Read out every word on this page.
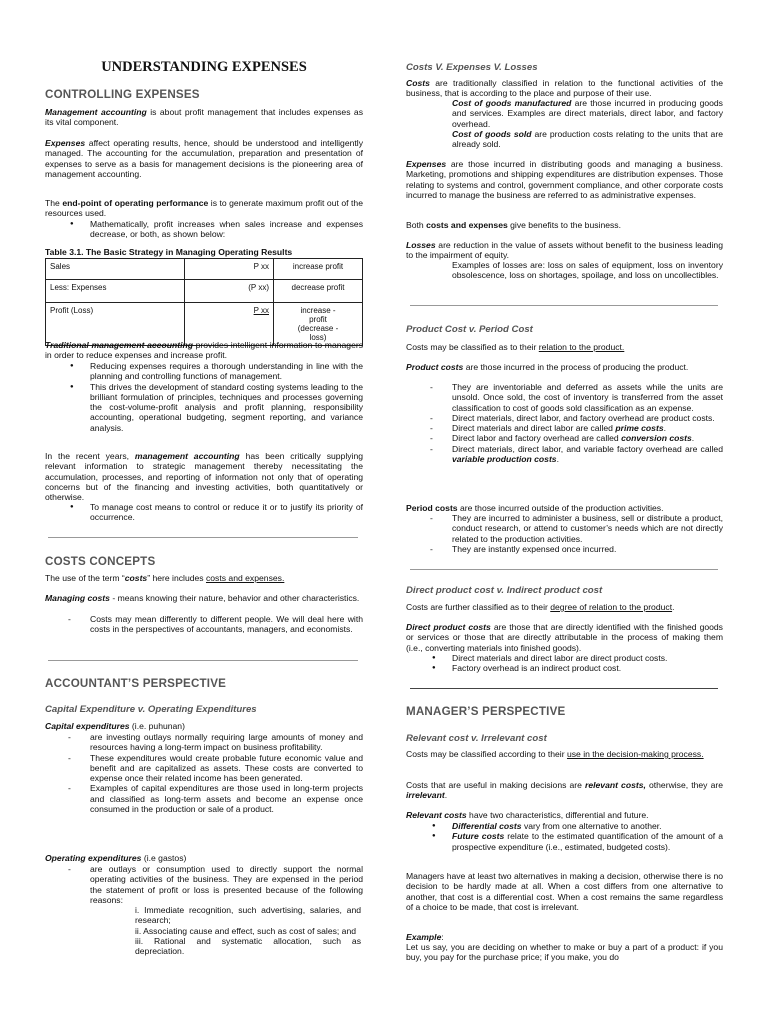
UNDERSTANDING EXPENSES
CONTROLLING EXPENSES

Management accounting is about profit management that includes expenses as its vital component.

Expenses affect operating results, hence, should be understood and intelligently managed. The accounting for the accumulation, preparation and presentation of expenses to serve as a basis for management decisions is the pioneering area of management accounting.

The end-point of operating performance is to generate maximum profit out of the resources used.

● Mathematically, profit increases when sales increase and expenses decrease, or both, as shown below:
Table 3.1. The Basic Strategy in Managing Operating Results
Sales	P xx	increase profit
Less: Expenses	(P xx)	decrease profit
Profit (Loss)	P xx	increase - profit (decrease - loss)

Traditional management accounting provides intelligent information to managers in order to reduce expenses and increase profit.

● Reducing expenses requires a thorough understanding in line with the planning and controlling functions of management.
● This drives the development of standard costing systems leading to the brilliant formulation of principles, techniques and processes governing the cost-volume-profit analysis and profit planning, responsibility accounting, operational budgeting, segment reporting, and variance analysis.

In the recent years, management accounting has been critically supplying relevant information to strategic management thereby necessitating the accumulation, processes, and reporting of information not only that of operating concerns but of the financing and investing activities, both quantitatively or otherwise.

● To manage cost means to control or reduce it or to justify its priority of occurrence.
COSTS CONCEPTS

The use of the term “costs” here includes costs and expenses.

Managing costs - means knowing their nature, behavior and other characteristics.

- Costs may mean differently to different people. We will deal here with costs in the perspectives of accountants, managers, and economists.
ACCOUNTANT’S PERSPECTIVE
Capital Expenditure v. Operating Expenditures

Capital expenditures (i.e. puhunan)

- are investing outlays normally requiring large amounts of money and resources having a long-term impact on business profitability.
- These expenditures would create probable future economic value and benefit and are capitalized as assets. These costs are converted to expense once their related income has been generated.
- Examples of capital expenditures are those used in long-term projects and classified as long-term assets and become an expense once consumed in the production or sale of a product.

Operating expenditures (i.e gastos)

- are outlays or consumption used to directly support the normal operating activities of the business. They are expensed in the period the statement of profit or loss is presented because of the following reasons:

i. Immediate recognition, such advertising, salaries, and research;

ii. Associating cause and effect, such as cost of sales; and

iii. Rational and systematic allocation, such as depreciation.

Costs V. Expenses V. Losses

Costs are traditionally classified in relation to the functional activities of the business, that is according to the place and purpose of their use.

Cost of goods manufactured are those incurred in producing goods and services. Examples are direct materials, direct labor, and factory overhead.

Cost of goods sold are production costs relating to the units that are already sold.

Expenses are those incurred in distributing goods and managing a business. Marketing, promotions and shipping expenditures are distribution expenses. Those relating to systems and control, government compliance, and other corporate costs incurred to manage the business are referred to as administrative expenses.

Both costs and expenses give benefits to the business.

Losses are reduction in the value of assets without benefit to the business leading to the impairment of equity.

Examples of losses are: loss on sales of equipment, loss on inventory obsolescence, loss on shortages, spoilage, and loss on uncollectibles.

Product Cost v. Period Cost

Costs may be classified as to their relation to the product.

Product costs are those incurred in the process of producing the product.

- They are inventoriable and deferred as assets while the units are unsold. Once sold, the cost of inventory is transferred from the asset classification to cost of goods sold classification as an expense.
- Direct materials, direct labor, and factory overhead are product costs.
- Direct materials and direct labor are called prime costs.
- Direct labor and factory overhead are called conversion costs.
- Direct materials, direct labor, and variable factory overhead are called variable production costs.

Period costs are those incurred outside of the production activities.

- They are incurred to administer a business, sell or distribute a product, conduct research, or attend to customer’s needs which are not directly related to the production activities.
- They are instantly expensed once incurred.
Direct product cost v. Indirect product cost

Costs are further classified as to their degree of relation to the product.

Direct product costs are those that are directly identified with the finished goods or services or those that are directly attributable in the process of making them (i.e., converting materials into finished goods).

● Direct materials and direct labor are direct product costs.
● Factory overhead is an indirect product cost.
MANAGER’S PERSPECTIVE
Relevant cost v. Irrelevant cost

Costs may be classified according to their use in the decision-making process.

Costs that are useful in making decisions are relevant costs, otherwise, they are irrelevant.

Relevant costs have two characteristics, differential and future.

● Differential costs vary from one alternative to another.
● Future costs relate to the estimated quantification of the amount of a prospective expenditure (i.e., estimated, budgeted costs).

Managers have at least two alternatives in making a decision, otherwise there is no decision to be hardly made at all. When a cost differs from one alternative to another, that cost is a differential cost. When a cost remains the same regardless of a choice to be made, that cost is irrelevant.

Example:

Let us say, you are deciding on whether to make or buy a part of a product: if you buy, you pay for the purchase price; if you make, you do
